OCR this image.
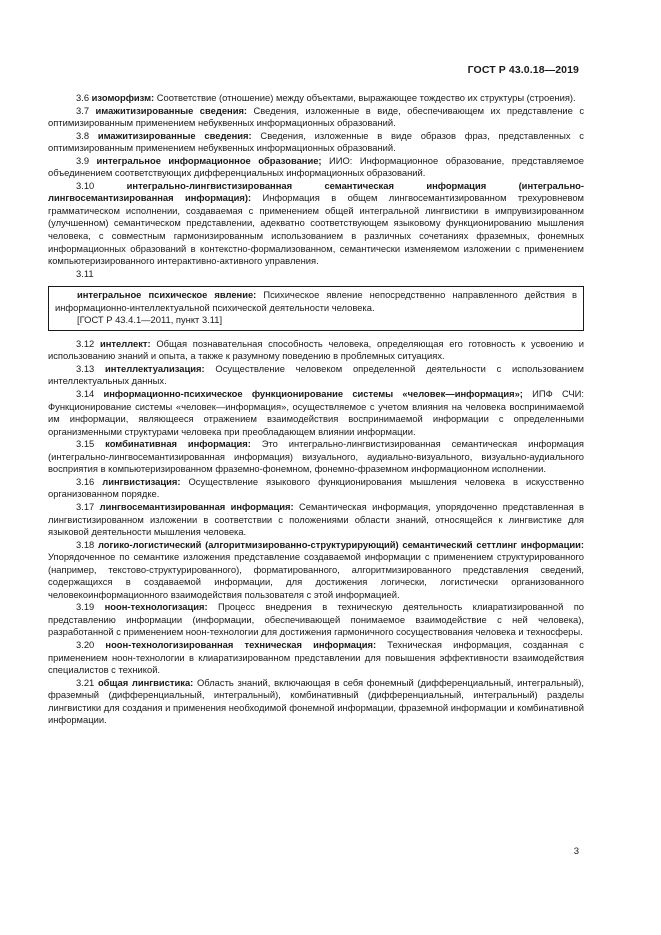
ГОСТ Р 43.0.18—2019

3.6 изоморфизм: Соответствие (отношение) между объектами, выражающее тождество их структуры (строения).

3.7 имажитизированные сведения: Сведения, изложенные в виде, обеспечивающем их представление с оптимизированным применением небуквенных информационных образований.

3.8 имажитизированные сведения: Сведения, изложенные в виде образов фраз, представленных с оптимизированным применением небуквенных информационных образований.

3.9 интегральное информационное образование; ИИО: Информационное образование, представляемое объединением соответствующих дифференциальных информационных образований.

3.10	интегрально-лингвистизированная семантическая информация (интегрально-лингвосемантизированная информация): Информация в общем лингвосемантизированном трехуровневом грамматическом исполнении, создаваемая с применением общей интегральной лингвистики в импрувизированном (улучшенном) семантическом представлении, адекватно соответствующем языковому функционированию мышления человека, с совместным гармонизированным использованием в различных сочетаниях фраземных, фонемных информационных образований в контекстно-формализованном, семантически изменяемом изложении с применением компьютеризированного интерактивно-активного управления.

3.11

интегральное психическое явление: Психическое явление непосредственно направленного действия в информационно-интеллектуальной психической деятельности человека.

[ГОСТ Р 43.4.1—2011, пункт 3.11]

3.12 интеллект: Общая познавательная способность человека, определяющая его готовность к усвоению и использованию знаний и опыта, а также к разумному поведению в проблемных ситуациях.

3.13 интеллектуализация: Осуществление человеком определенной деятельности с использованием интеллектуальных данных.

3.14 информационно-психическое функционирование системы «человек—информация»; ИПФ СЧИ: Функционирование системы «человек—информация», осуществляемое с учетом влияния на человека воспринимаемой им информации, являющееся отражением взаимодействия воспринимаемой информации с определенными организменными структурами человека при преобладающем влиянии информации.

3.15 комбинативная информация: Это интегрально-лингвистизированная семантическая информация (интегрально-лингвосемантизированная информация) визуального, аудиально-визуального, визуально-аудиального восприятия в компьютеризированном фраземно-фонемном, фонемно-фраземном информационном исполнении.

3.16 лингвистизация: Осуществление языкового функционирования мышления человека в искусственно организованном порядке.

3.17 лингвосемантизированная информация: Семантическая информация, упорядоченно представленная в лингвистизированном изложении в соответствии с положениями области знаний, относящейся к лингвистике для языковой деятельности мышления человека.

3.18 логико-логистический (алгоритмизированно-структурирующий) семантический сеттлинг информации: Упорядоченное по семантике изложения представление создаваемой информации с применением структурированного (например, текстово-структурированного), форматированного, алгоритмизированного представления сведений, содержащихся в создаваемой информации, для достижения логически, логистически организованного человекоинформационного взаимодействия пользователя с этой информацией.

3.19 ноон-технологизация: Процесс внедрения в техническую деятельность клиаратизированной по представлению информации (информации, обеспечивающей понимаемое взаимодействие с ней человека), разработанной с применением ноон-технологии для достижения гармоничного сосуществования человека и техносферы.

3.20 ноон-технологизированная техническая информация: Техническая информация, созданная с применением ноон-технологии в клиаратизированном представлении для повышения эффективности взаимодействия специалистов с техникой.

3.21 общая лингвистика: Область знаний, включающая в себя фонемный (дифференциальный, интегральный), фраземный (дифференциальный, интегральный), комбинативный (дифференциальный, интегральный) разделы лингвистики для создания и применения необходимой фонемной информации, фраземной информации и комбинативной информации.

3
